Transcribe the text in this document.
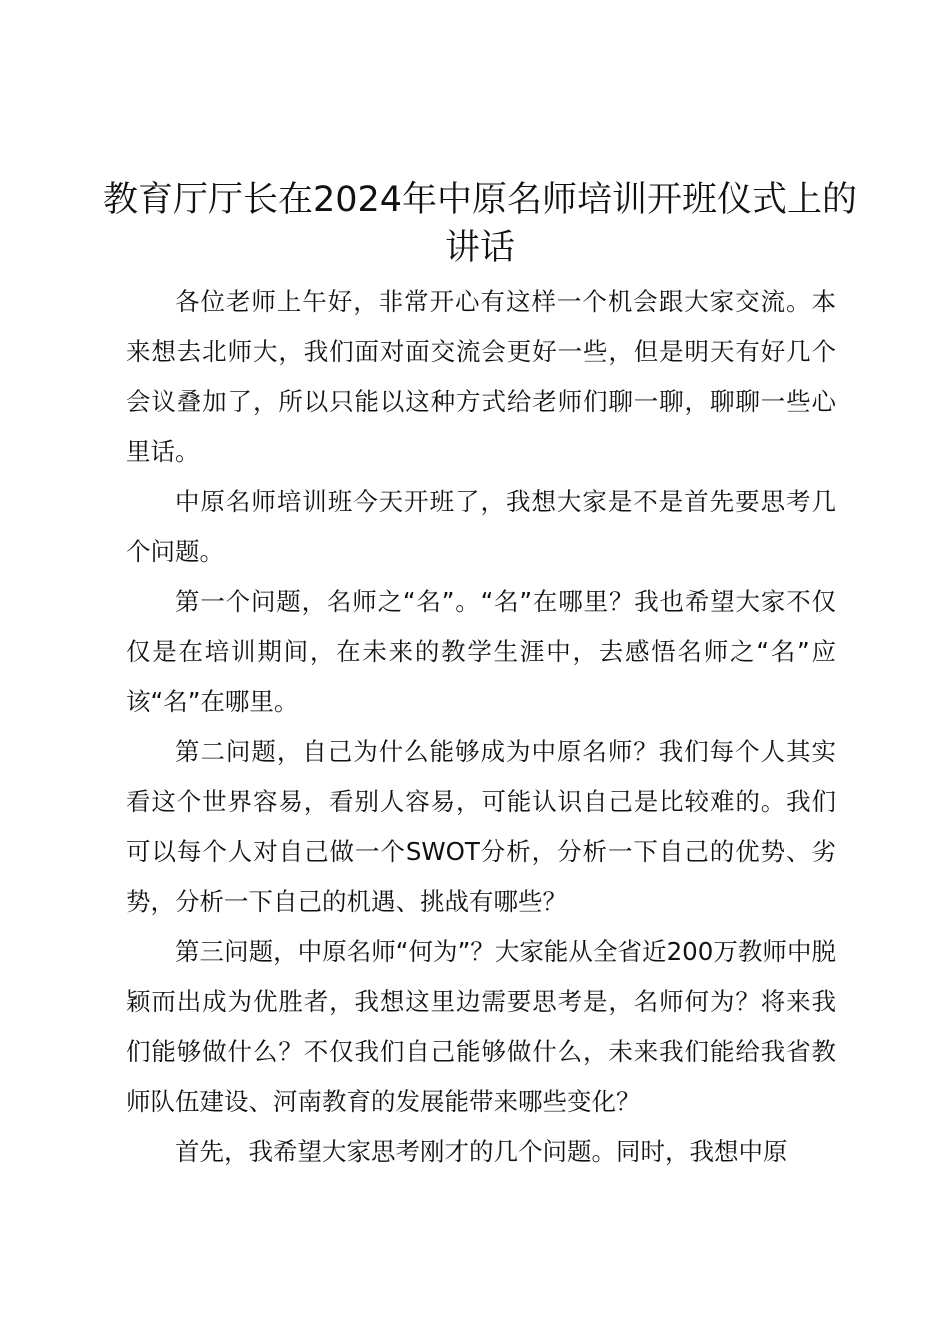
教育厅厅长在2024年中原名师培训开班仪式上的讲话

各位老师上午好，非常开心有这样一个机会跟大家交流。本来想去北师大，我们面对面交流会更好一些，但是明天有好几个会议叠加了，所以只能以这种方式给老师们聊一聊，聊聊一些心里话。

中原名师培训班今天开班了，我想大家是不是首先要思考几个问题。

第一个问题，名师之“名”。“名”在哪里？我也希望大家不仅仅是在培训期间，在未来的教学生涯中，去感悟名师之“名”应该“名”在哪里。

第二问题，自己为什么能够成为中原名师？我们每个人其实看这个世界容易，看别人容易，可能认识自己是比较难的。我们可以每个人对自己做一个SWOT分析，分析一下自己的优势、劣势，分析一下自己的机遇、挑战有哪些？

第三问题，中原名师“何为”？大家能从全省近200万教师中脱颖而出成为优胜者，我想这里边需要思考是，名师何为？将来我们能够做什么？不仅我们自己能够做什么，未来我们能给我省教师队伍建设、河南教育的发展能带来哪些变化？

首先，我希望大家思考刚才的几个问题。同时，我想中原
